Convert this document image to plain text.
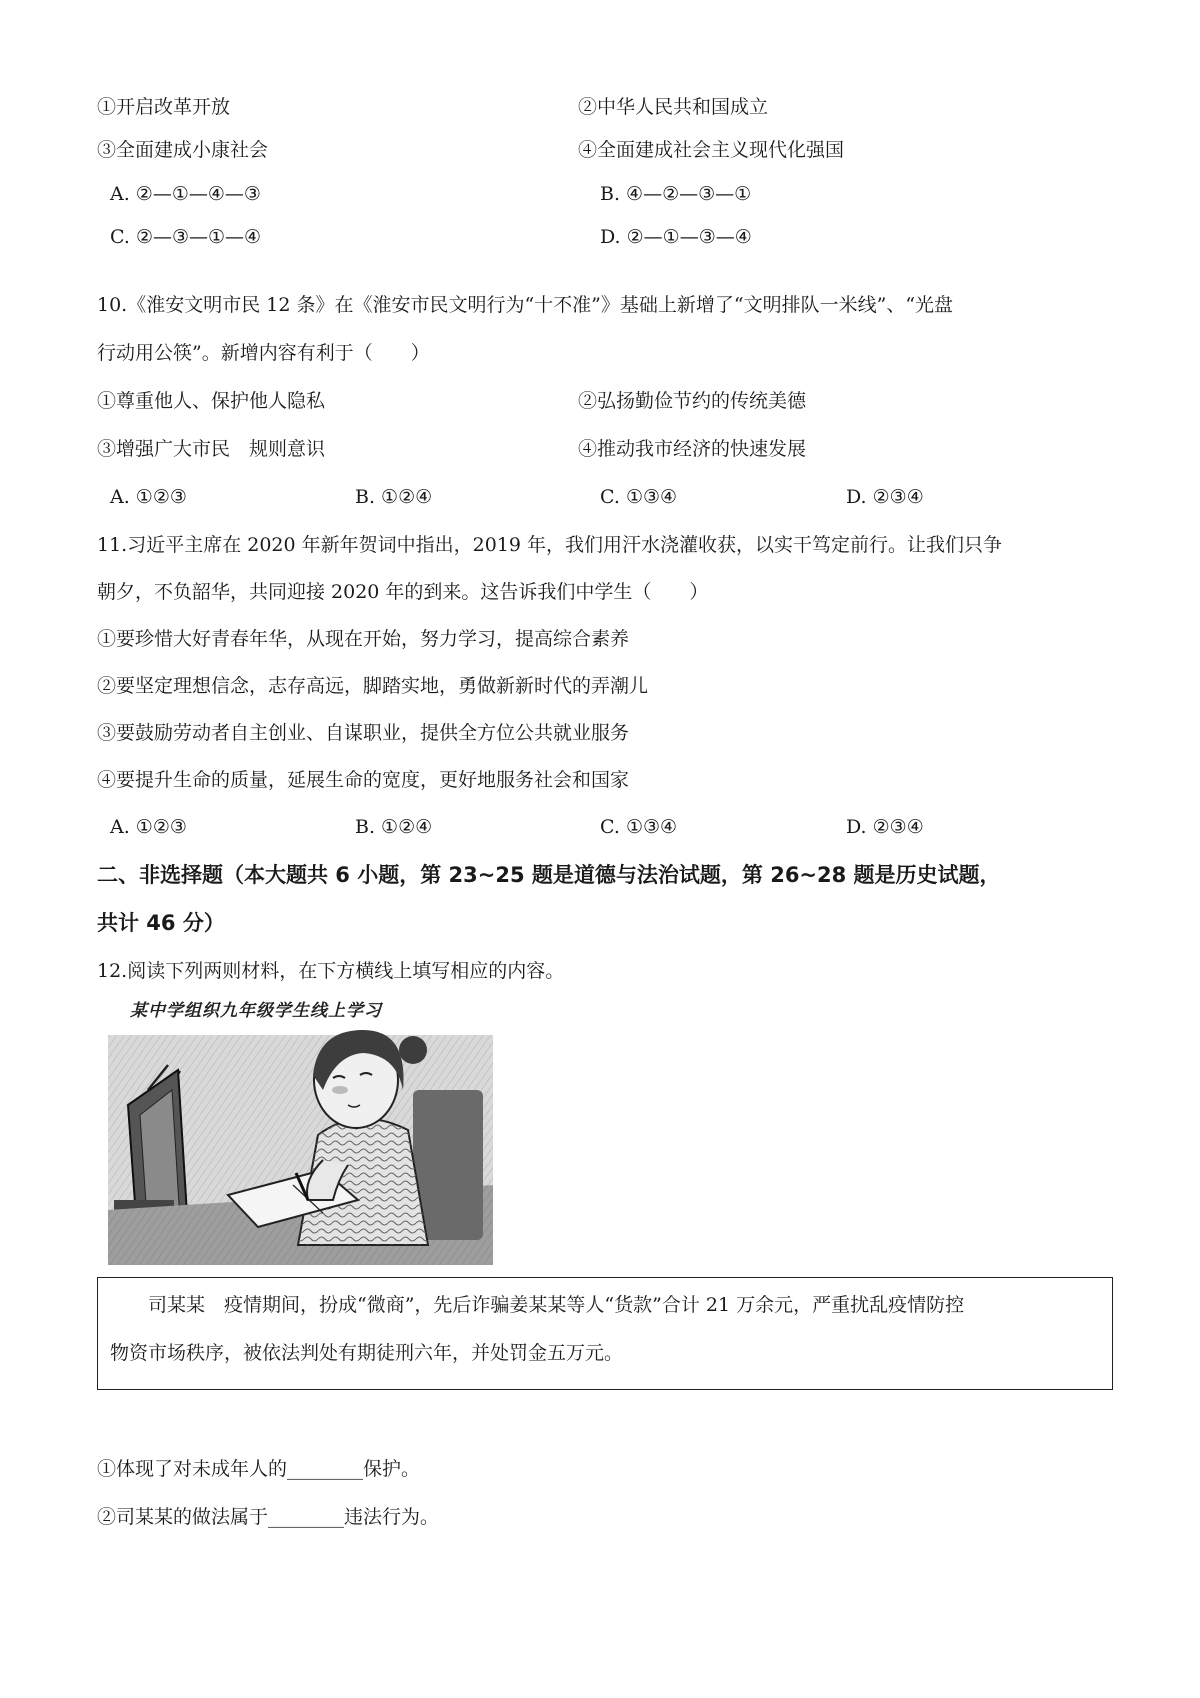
①开启改革开放	②中华人民共和国成立
③全面建成小康社会	④全面建成社会主义现代化强国
A. ②—①—④—③	B. ④—②—③—①
C. ②—③—①—④	D. ②—①—③—④
10.《淮安文明市民 12 条》在《淮安市民文明行为“十不准”》基础上新增了“文明排队一米线”、“光盘
行动用公筷”。新增内容有利于（　　）
①尊重他人、保护他人隐私	②弘扬勤俭节约的传统美德
③增强广大市民　规则意识	④推动我市经济的快速发展
A. ①②③	B. ①②④	C. ①③④	D. ②③④
11.习近平主席在 2020 年新年贺词中指出，2019 年，我们用汗水浇灌收获，以实干笃定前行。让我们只争
朝夕，不负韶华，共同迎接 2020 年的到来。这告诉我们中学生（　　）
①要珍惜大好青春年华，从现在开始，努力学习，提高综合素养
②要坚定理想信念，志存高远，脚踏实地，勇做新新时代的弄潮儿
③要鼓励劳动者自主创业、自谋职业，提供全方位公共就业服务
④要提升生命的质量，延展生命的宽度，更好地服务社会和国家
A. ①②③	B. ①②④	C. ①③④	D. ②③④
二、非选择题（本大题共 6 小题，第 23~25 题是道德与法治试题，第 26~28 题是历史试题，
共计 46 分）
12.阅读下列两则材料，在下方横线上填写相应的内容。
某中学组织九年级学生线上学习
司某某　疫情期间，扮成“微商”，先后诈骗姜某某等人“货款”合计 21 万余元，严重扰乱疫情防控
物资市场秩序，被依法判处有期徒刑六年，并处罚金五万元。
①体现了对未成年人的________保护。
②司某某的做法属于________违法行为。
